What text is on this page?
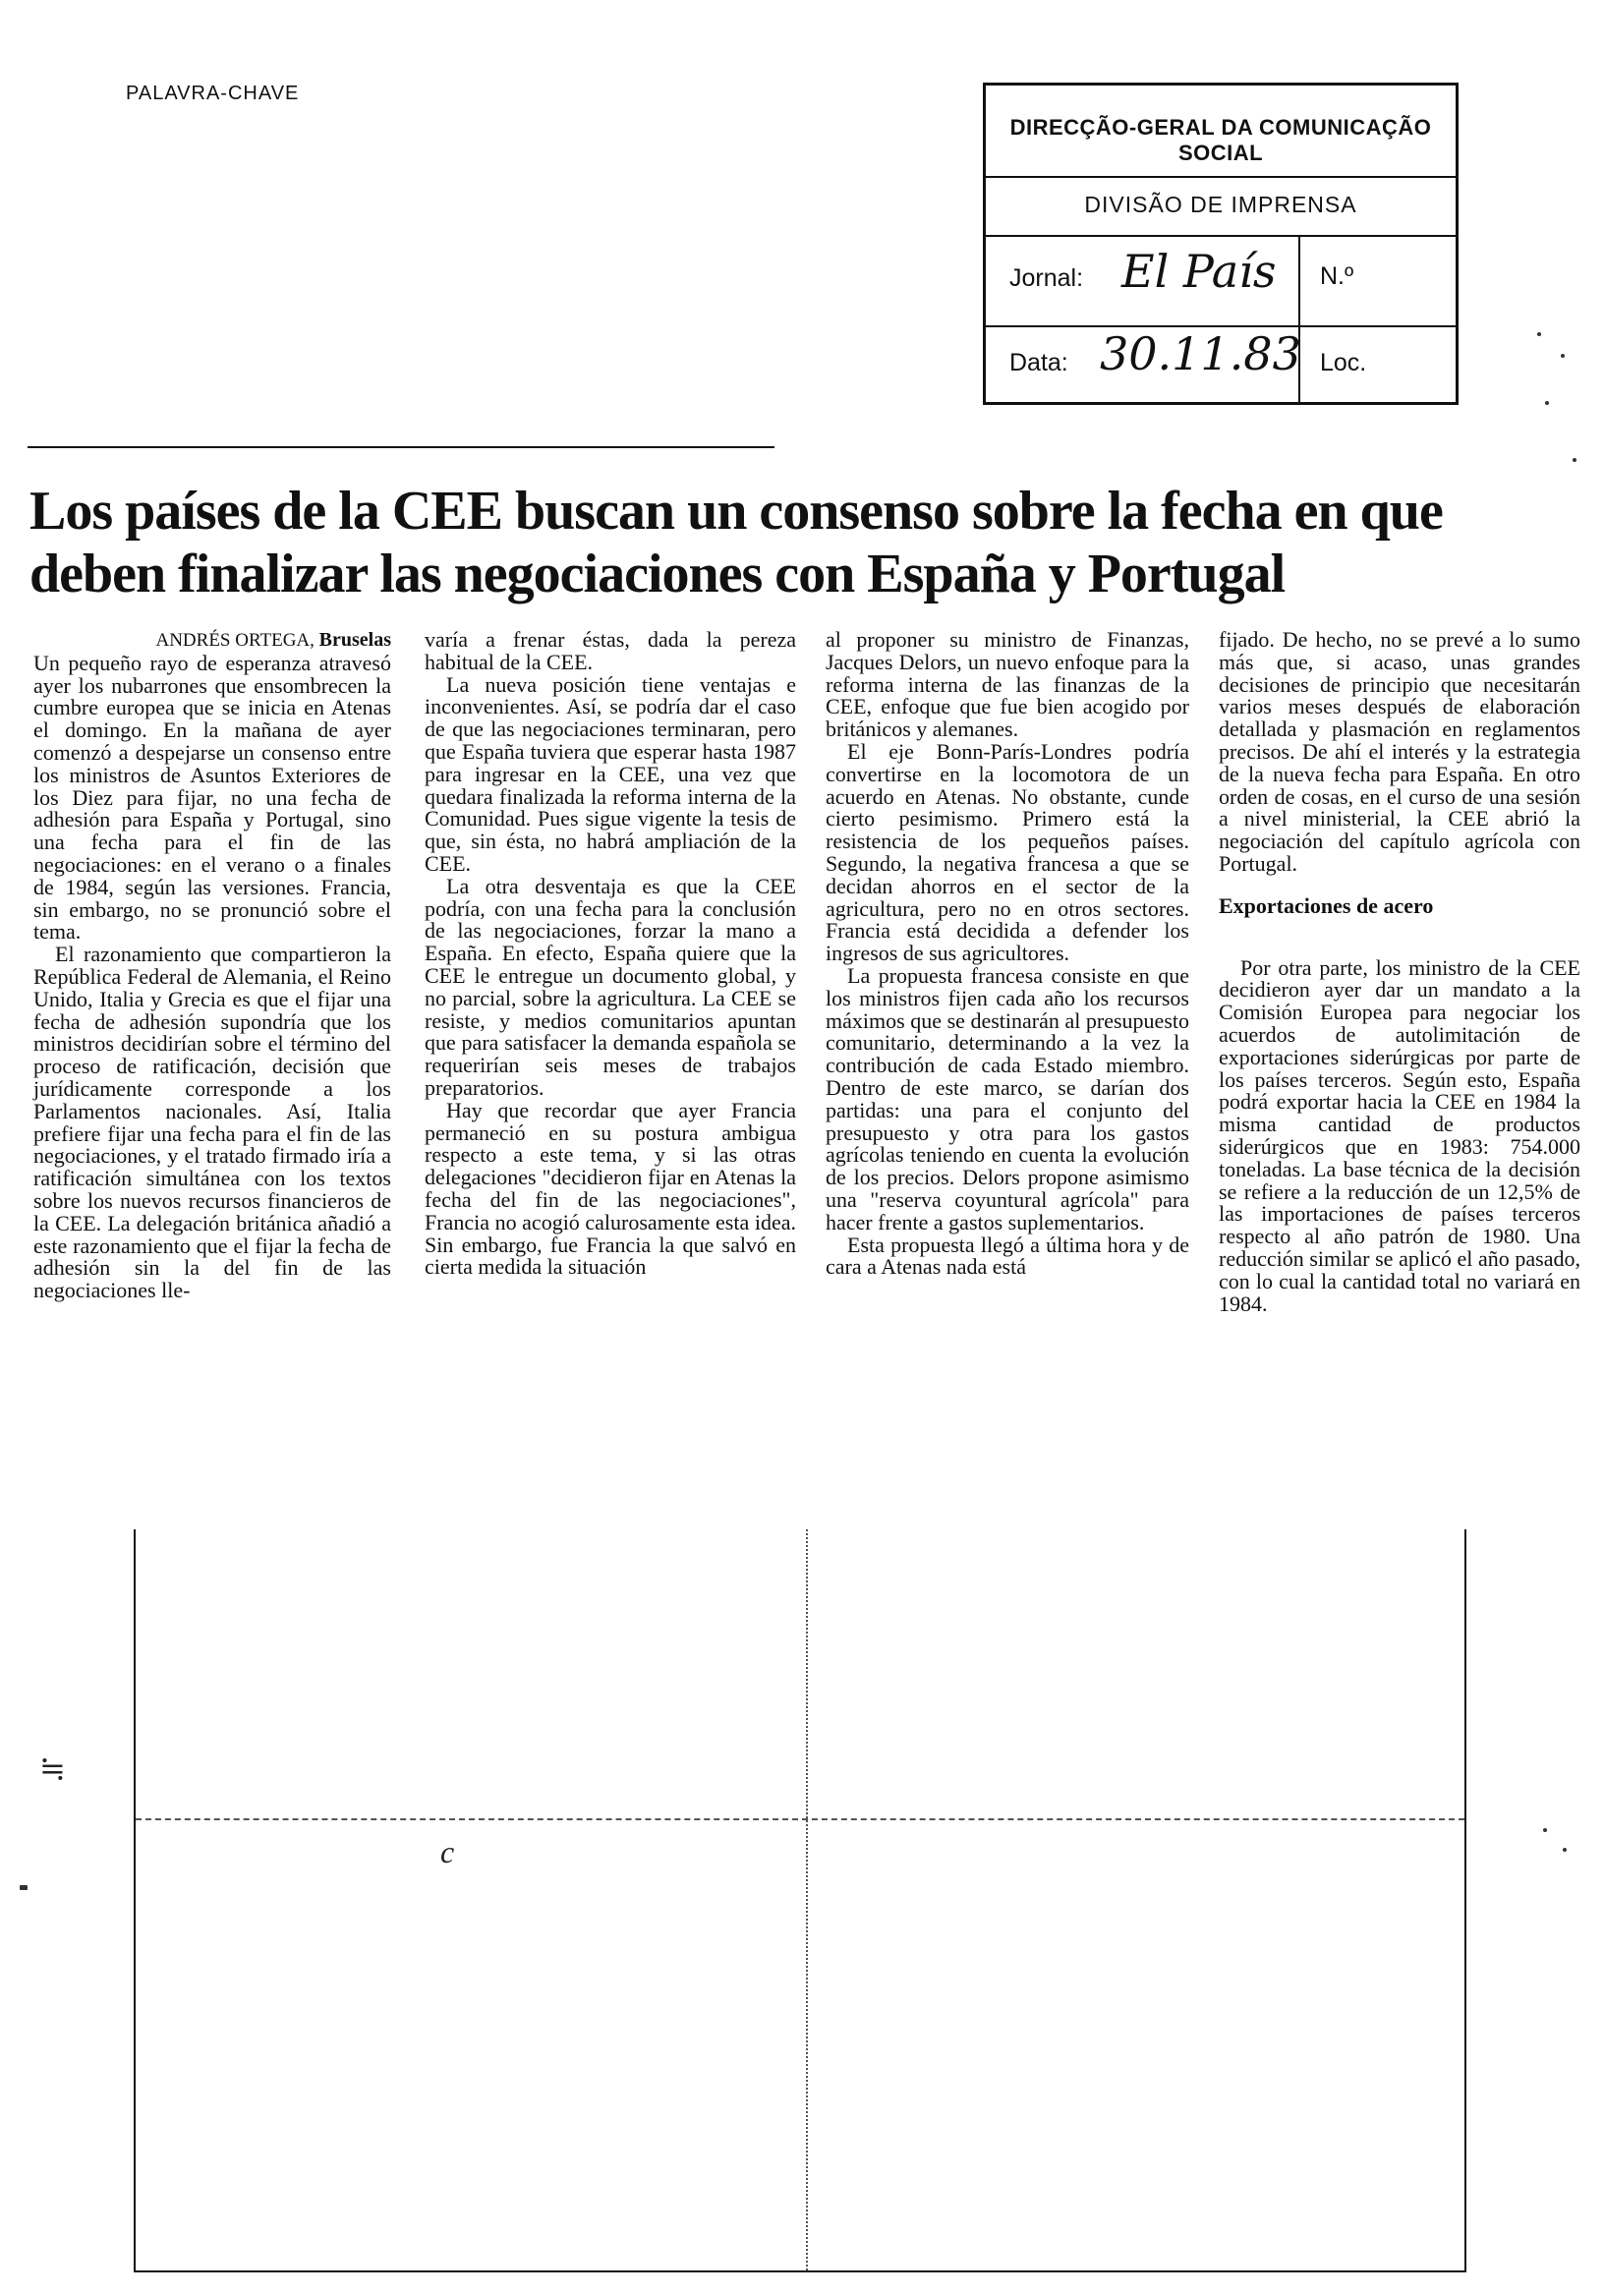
PALAVRA-CHAVE
DIRECÇÃO-GERAL DA COMUNICAÇÃO SOCIAL
DIVISÃO DE IMPRENSA
Jornal: El País N.º
Data: 30.11.83 Loc.
Los países de la CEE buscan un consenso sobre la fecha en que deben finalizar las negociaciones con España y Portugal
ANDRÉS ORTEGA, Bruselas

Un pequeño rayo de esperanza atravesó ayer los nubarrones que ensombrecen la cumbre europea que se inicia en Atenas el domingo. En la mañana de ayer comenzó a despejarse un consenso entre los ministros de Asuntos Exteriores de los Diez para fijar, no una fecha de adhesión para España y Portugal, sino una fecha para el fin de las negociaciones: en el verano o a finales de 1984, según las versiones. Francia, sin embargo, no se pronunció sobre el tema.

El razonamiento que compartieron la República Federal de Alemania, el Reino Unido, Italia y Grecia es que el fijar una fecha de adhesión supondría que los ministros decidirían sobre el término del proceso de ratificación, decisión que jurídicamente corresponde a los Parlamentos nacionales. Así, Italia prefiere fijar una fecha para el fin de las negociaciones, y el tratado firmado iría a ratificación simultánea con los textos sobre los nuevos recursos financieros de la CEE. La delegación británica añadió a este razonamiento que el fijar la fecha de adhesión sin la del fin de las negociaciones lle-

varía a frenar éstas, dada la pereza habitual de la CEE.

La nueva posición tiene ventajas e inconvenientes. Así, se podría dar el caso de que las negociaciones terminaran, pero que España tuviera que esperar hasta 1987 para ingresar en la CEE, una vez que quedara finalizada la reforma interna de la Comunidad. Pues sigue vigente la tesis de que, sin ésta, no habrá ampliación de la CEE.

La otra desventaja es que la CEE podría, con una fecha para la conclusión de las negociaciones, forzar la mano a España. En efecto, España quiere que la CEE le entregue un documento global, y no parcial, sobre la agricultura. La CEE se resiste, y medios comunitarios apuntan que para satisfacer la demanda española se requerirían seis meses de trabajos preparatorios.

Hay que recordar que ayer Francia permaneció en su postura ambigua respecto a este tema, y si las otras delegaciones "decidieron fijar en Atenas la fecha del fin de las negociaciones", Francia no acogió calurosamente esta idea. Sin embargo, fue Francia la que salvó en cierta medida la situación

al proponer su ministro de Finanzas, Jacques Delors, un nuevo enfoque para la reforma interna de las finanzas de la CEE, enfoque que fue bien acogido por británicos y alemanes.

El eje Bonn-París-Londres podría convertirse en la locomotora de un acuerdo en Atenas. No obstante, cunde cierto pesimismo. Primero está la resistencia de los pequeños países. Segundo, la negativa francesa a que se decidan ahorros en el sector de la agricultura, pero no en otros sectores. Francia está decidida a defender los ingresos de sus agricultores.

La propuesta francesa consiste en que los ministros fijen cada año los recursos máximos que se destinarán al presupuesto comunitario, determinando a la vez la contribución de cada Estado miembro. Dentro de este marco, se darían dos partidas: una para el conjunto del presupuesto y otra para los gastos agrícolas teniendo en cuenta la evolución de los precios. Delors propone asimismo una "reserva coyuntural agrícola" para hacer frente a gastos suplementarios.

Esta propuesta llegó a última hora y de cara a Atenas nada está

fijado. De hecho, no se prevé a lo sumo más que, si acaso, unas grandes decisiones de principio que necesitarán varios meses después de elaboración detallada y plasmación en reglamentos precisos. De ahí el interés y la estrategia de la nueva fecha para España. En otro orden de cosas, en el curso de una sesión a nivel ministerial, la CEE abrió la negociación del capítulo agrícola con Portugal.

Exportaciones de acero

Por otra parte, los ministro de la CEE decidieron ayer dar un mandato a la Comisión Europea para negociar los acuerdos de autolimitación de exportaciones siderúrgicas por parte de los países terceros. Según esto, España podrá exportar hacia la CEE en 1984 la misma cantidad de productos siderúrgicos que en 1983: 754.000 toneladas. La base técnica de la decisión se refiere a la reducción de un 12,5% de las importaciones de países terceros respecto al año patrón de 1980. Una reducción similar se aplicó el año pasado, con lo cual la cantidad total no variará en 1984.

≒
c
